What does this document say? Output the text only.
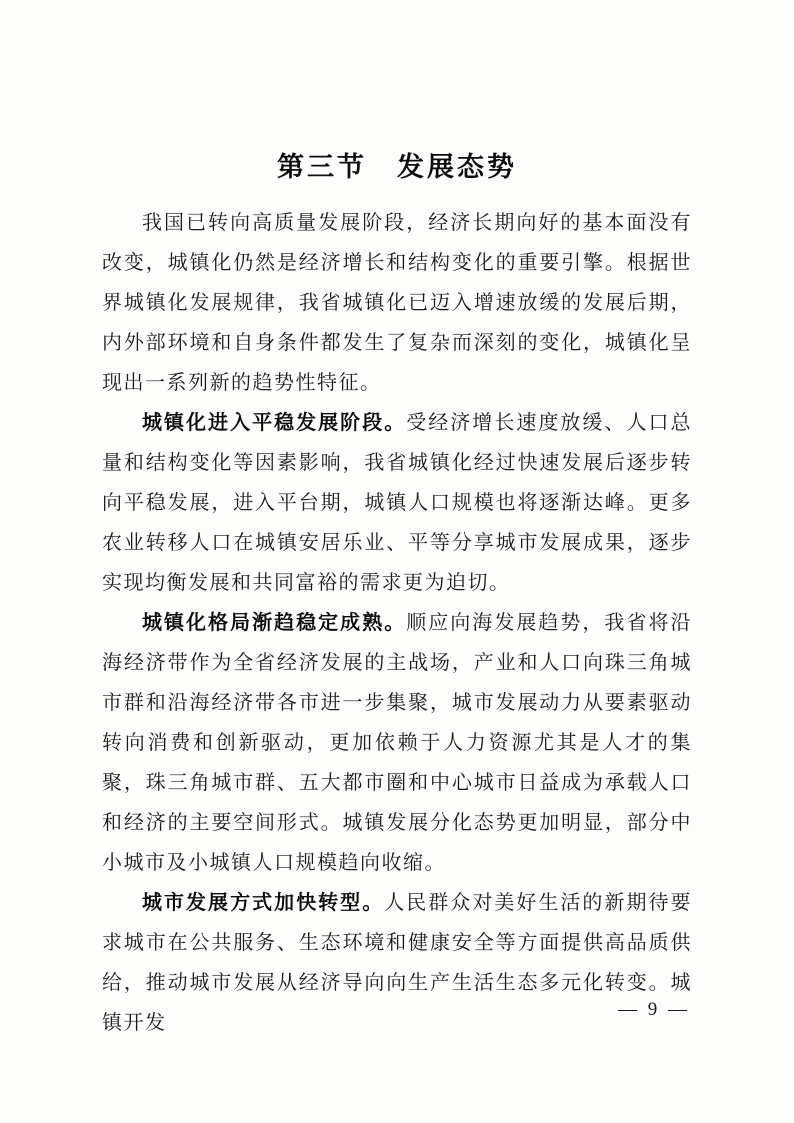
第三节　发展态势

我国已转向高质量发展阶段，经济长期向好的基本面没有改变，城镇化仍然是经济增长和结构变化的重要引擎。根据世界城镇化发展规律，我省城镇化已迈入增速放缓的发展后期，内外部环境和自身条件都发生了复杂而深刻的变化，城镇化呈现出一系列新的趋势性特征。

城镇化进入平稳发展阶段。受经济增长速度放缓、人口总量和结构变化等因素影响，我省城镇化经过快速发展后逐步转向平稳发展，进入平台期，城镇人口规模也将逐渐达峰。更多农业转移人口在城镇安居乐业、平等分享城市发展成果，逐步实现均衡发展和共同富裕的需求更为迫切。

城镇化格局渐趋稳定成熟。顺应向海发展趋势，我省将沿海经济带作为全省经济发展的主战场，产业和人口向珠三角城市群和沿海经济带各市进一步集聚，城市发展动力从要素驱动转向消费和创新驱动，更加依赖于人力资源尤其是人才的集聚，珠三角城市群、五大都市圈和中心城市日益成为承载人口和经济的主要空间形式。城镇发展分化态势更加明显，部分中小城市及小城镇人口规模趋向收缩。

城市发展方式加快转型。人民群众对美好生活的新期待要求城市在公共服务、生态环境和健康安全等方面提供高品质供给，推动城市发展从经济导向向生产生活生态多元化转变。城镇开发

— 9 —
